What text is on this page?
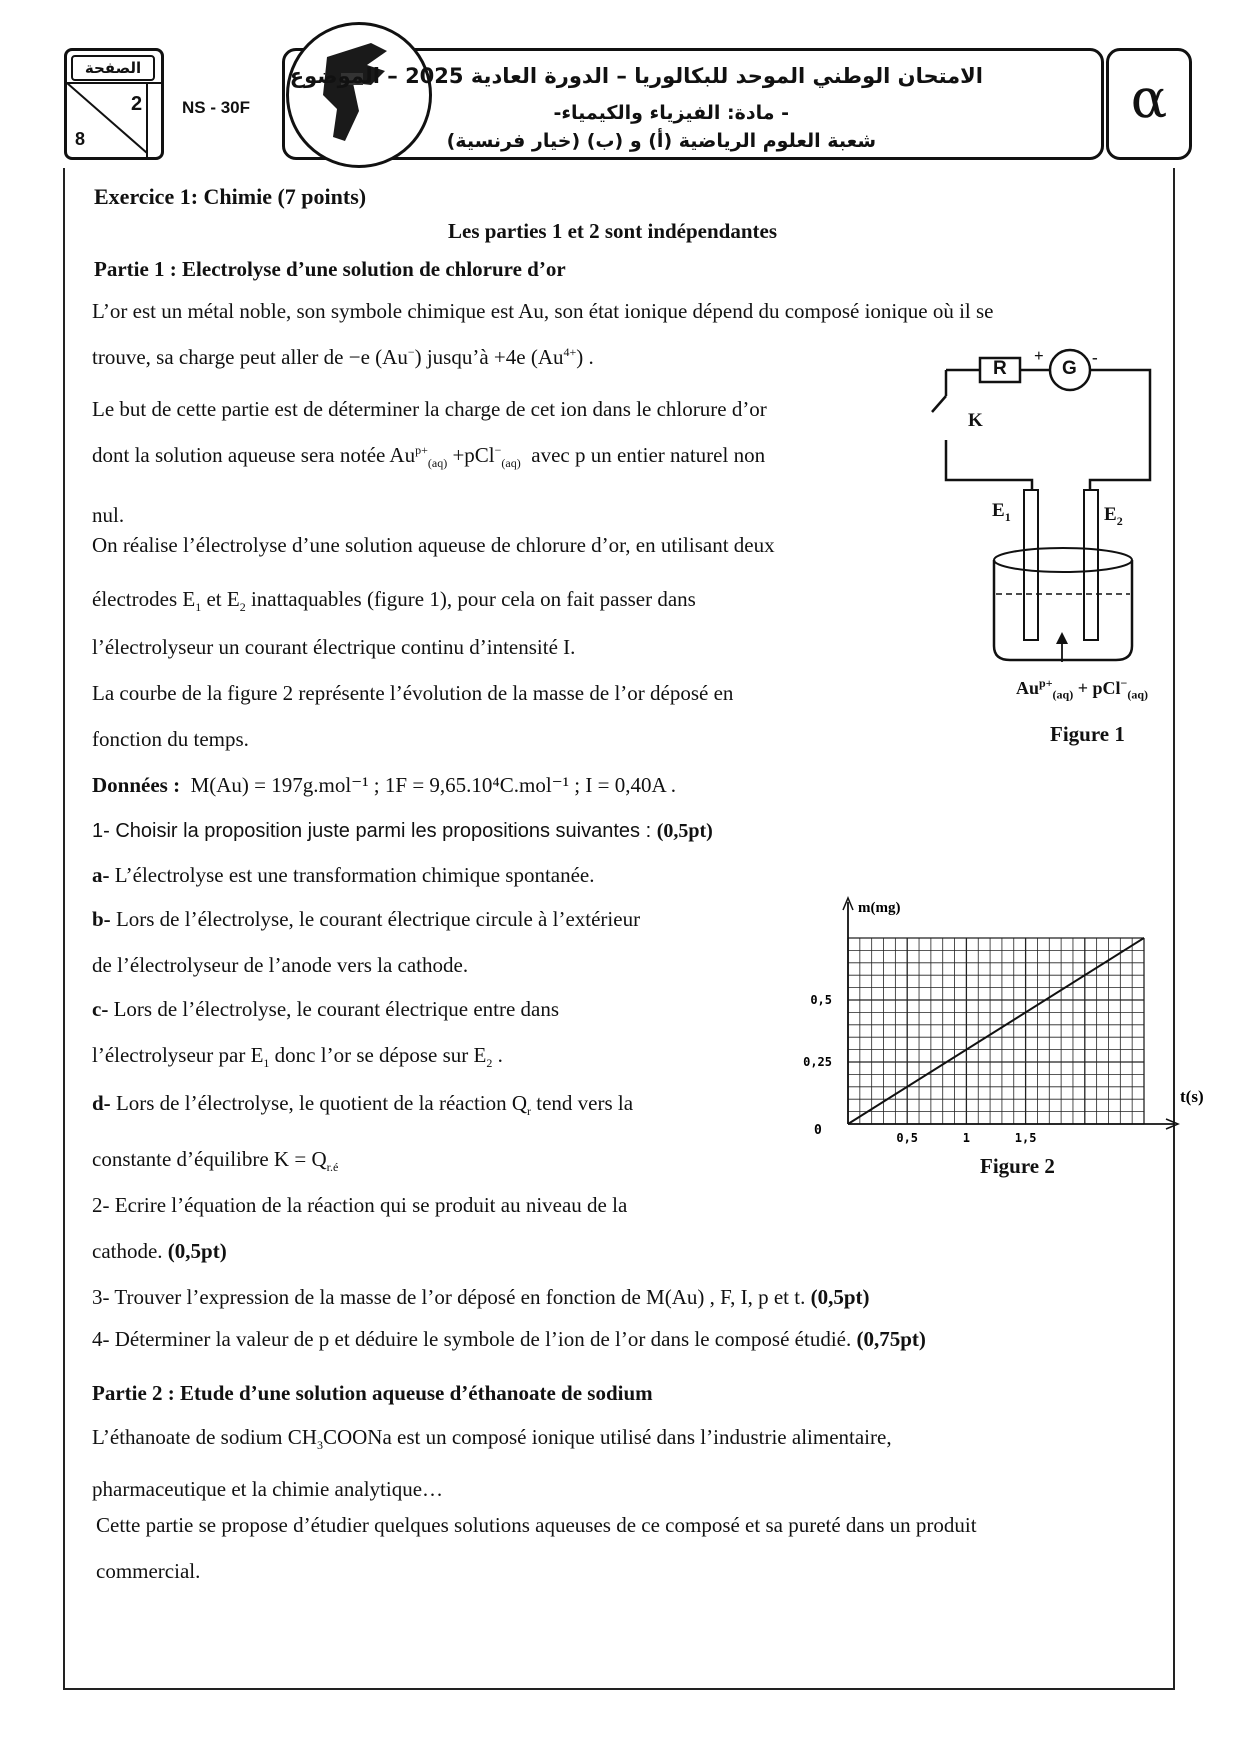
الصفحة
2
8
NS - 30F
الامتحان الوطني الموحد للبكالوريا – الدورة العادية 2025 – الموضوع
- مادة: الفيزياء والكيمياء-
شعبة العلوم الرياضية (أ) و (ب) (خيار فرنسية)
α
Exercice 1: Chimie (7 points)
Les parties 1 et 2 sont indépendantes
Partie 1 : Electrolyse d’une solution de chlorure d’or
L’or est un métal noble, son symbole chimique est Au, son état ionique dépend du composé ionique où il se
trouve, sa charge peut aller de −e (Au−) jusqu’à +4e $(Au^{4+})$ .
Le but de cette partie est de déterminer la charge de cet ion dans le chlorure d’or
dont la solution aqueuse sera notée $Au^{p+}_{(aq)} +pCl^-_{(aq)}$ avec p un entier naturel non
nul.
On réalise l’électrolyse d’une solution aqueuse de chlorure d’or, en utilisant deux
électrodes $E_1$ et $E_2$ inattaquables (figure 1), pour cela on fait passer dans
l’électrolyseur un courant électrique continu d’intensité I.
La courbe de la figure 2 représente l’évolution de la masse de l’or déposé en
fonction du temps.
Données : M(Au) = 197g.mol⁻¹ ; 1F = 9,65.10⁴C.mol⁻¹ ; I = 0,40A .
1- Choisir la proposition juste parmi les propositions suivantes : (0,5pt)
a- L’électrolyse est une transformation chimique spontanée.
b- Lors de l’électrolyse, le courant électrique circule à l’extérieur
de l’électrolyseur de l’anode vers la cathode.
c- Lors de l’électrolyse, le courant électrique entre dans
l’électrolyseur par $E_1$ donc l’or se dépose sur $E_2$ .
d- Lors de l’électrolyse, le quotient de la réaction $Q_r$ tend vers la
constante d’équilibre $K = Q_{r.é}$
2- Ecrire l’équation de la réaction qui se produit au niveau de la
cathode. (0,5pt)
3- Trouver l’expression de la masse de l’or déposé en fonction de M(Au) , F, I, p et t. (0,5pt)
4- Déterminer la valeur de p et déduire le symbole de l’ion de l’or dans le composé étudié. (0,75pt)
Partie 2 : Etude d’une solution aqueuse d’éthanoate de sodium
L’éthanoate de sodium $CH_3COONa$ est un composé ionique utilisé dans l’industrie alimentaire,
pharmaceutique et la chimie analytique…
Cette partie se propose d’étudier quelques solutions aqueuses de ce composé et sa pureté dans un produit
commercial.
R	G
+	-
K
$E_1$	$E_2$
$Au^{p+}_{(aq)} + pCl^-_{(aq)}$
Figure 1
m(mg)
t(s)
0	0,5	1	1,5
0,25
0,5
Figure 2
